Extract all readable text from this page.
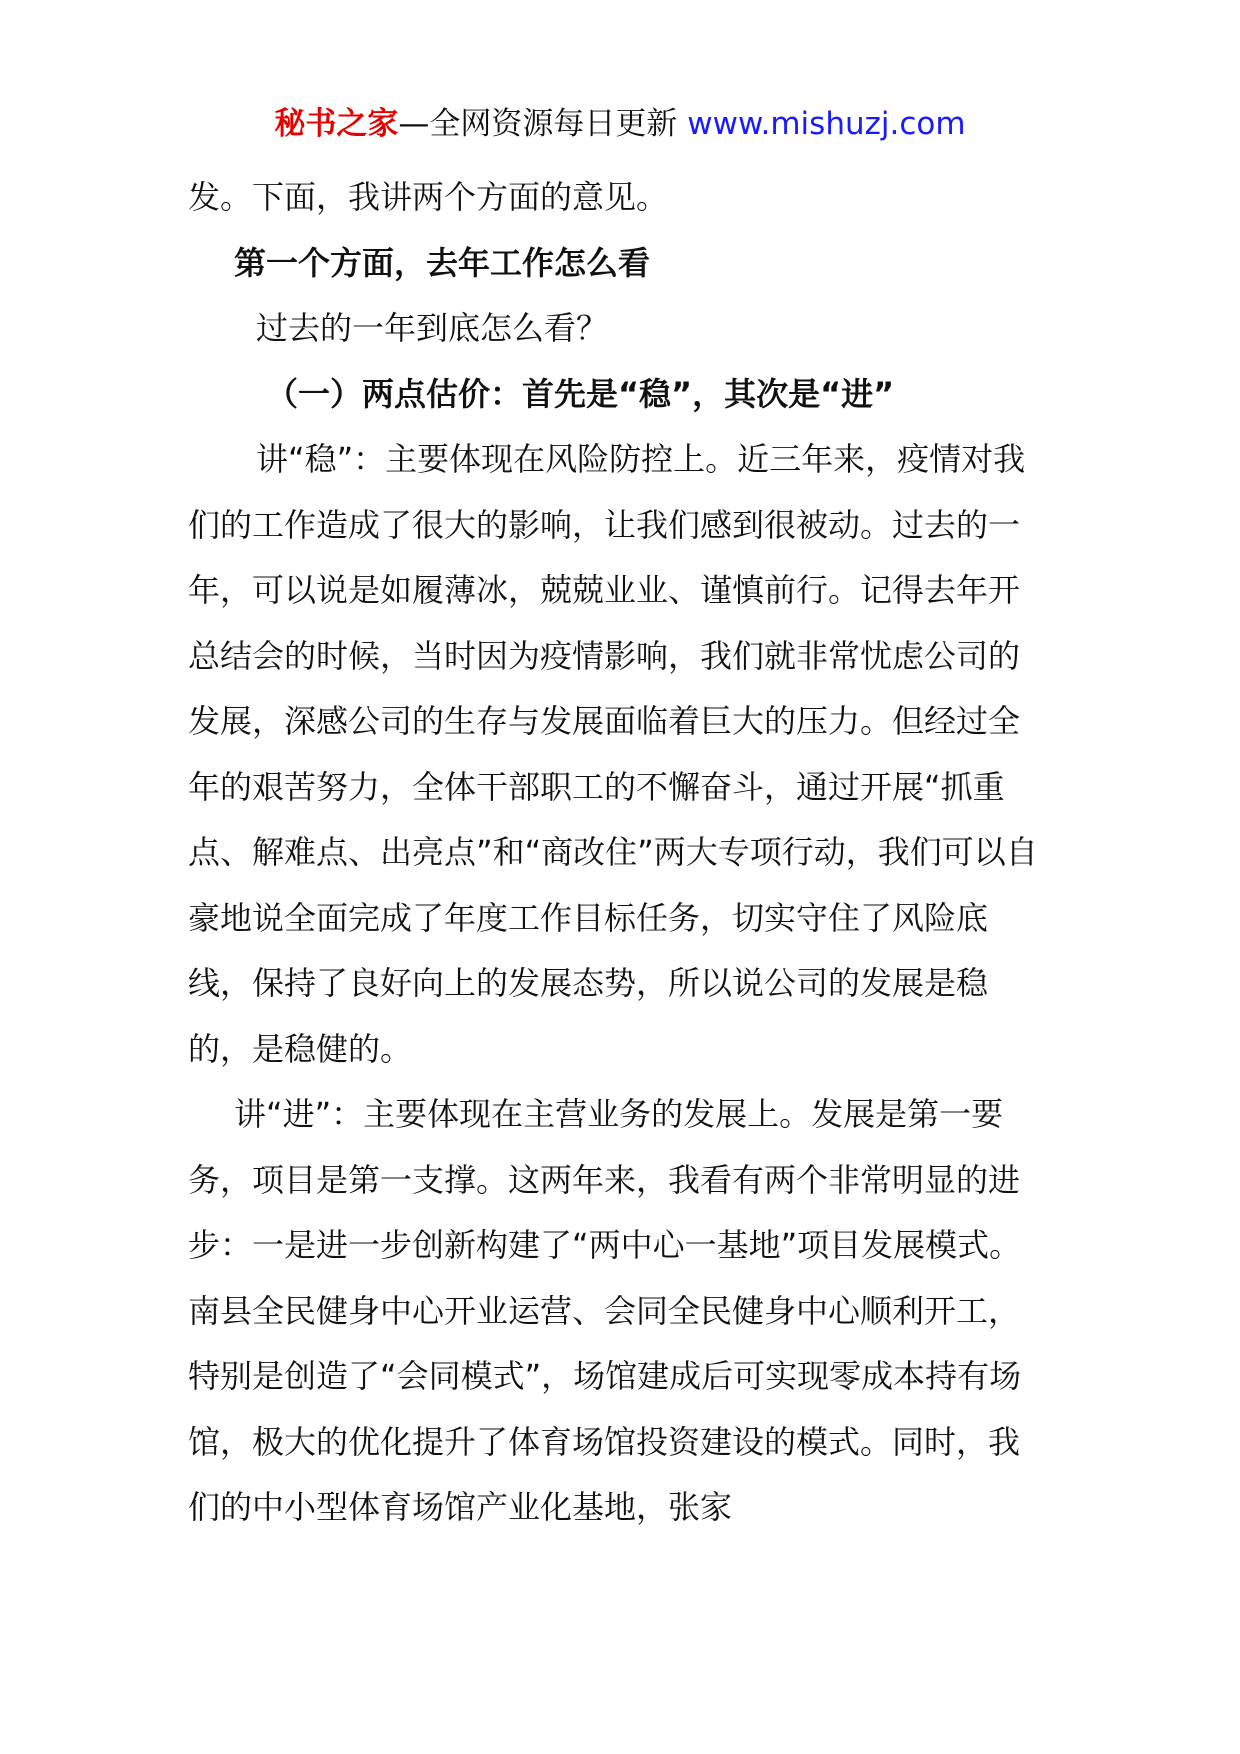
秘书之家—全网资源每日更新 www.mishuzj.com

发。下面，我讲两个方面的意见。

第一个方面，去年工作怎么看

过去的一年到底怎么看？

（一）两点估价：首先是“稳”，其次是“进”

讲“稳”：主要体现在风险防控上。近三年来，疫情对我们的工作造成了很大的影响，让我们感到很被动。过去的一年，可以说是如履薄冰，兢兢业业、谨慎前行。记得去年开总结会的时候，当时因为疫情影响，我们就非常忧虑公司的发展，深感公司的生存与发展面临着巨大的压力。但经过全年的艰苦努力，全体干部职工的不懈奋斗，通过开展“抓重点、解难点、出亮点”和“商改住”两大专项行动，我们可以自豪地说全面完成了年度工作目标任务，切实守住了风险底线，保持了良好向上的发展态势，所以说公司的发展是稳的，是稳健的。

讲“进”：主要体现在主营业务的发展上。发展是第一要务，项目是第一支撑。这两年来，我看有两个非常明显的进步：一是进一步创新构建了“两中心一基地”项目发展模式。南县全民健身中心开业运营、会同全民健身中心顺利开工，特别是创造了“会同模式”，场馆建成后可实现零成本持有场馆，极大的优化提升了体育场馆投资建设的模式。同时，我们的中小型体育场馆产业化基地，张家
